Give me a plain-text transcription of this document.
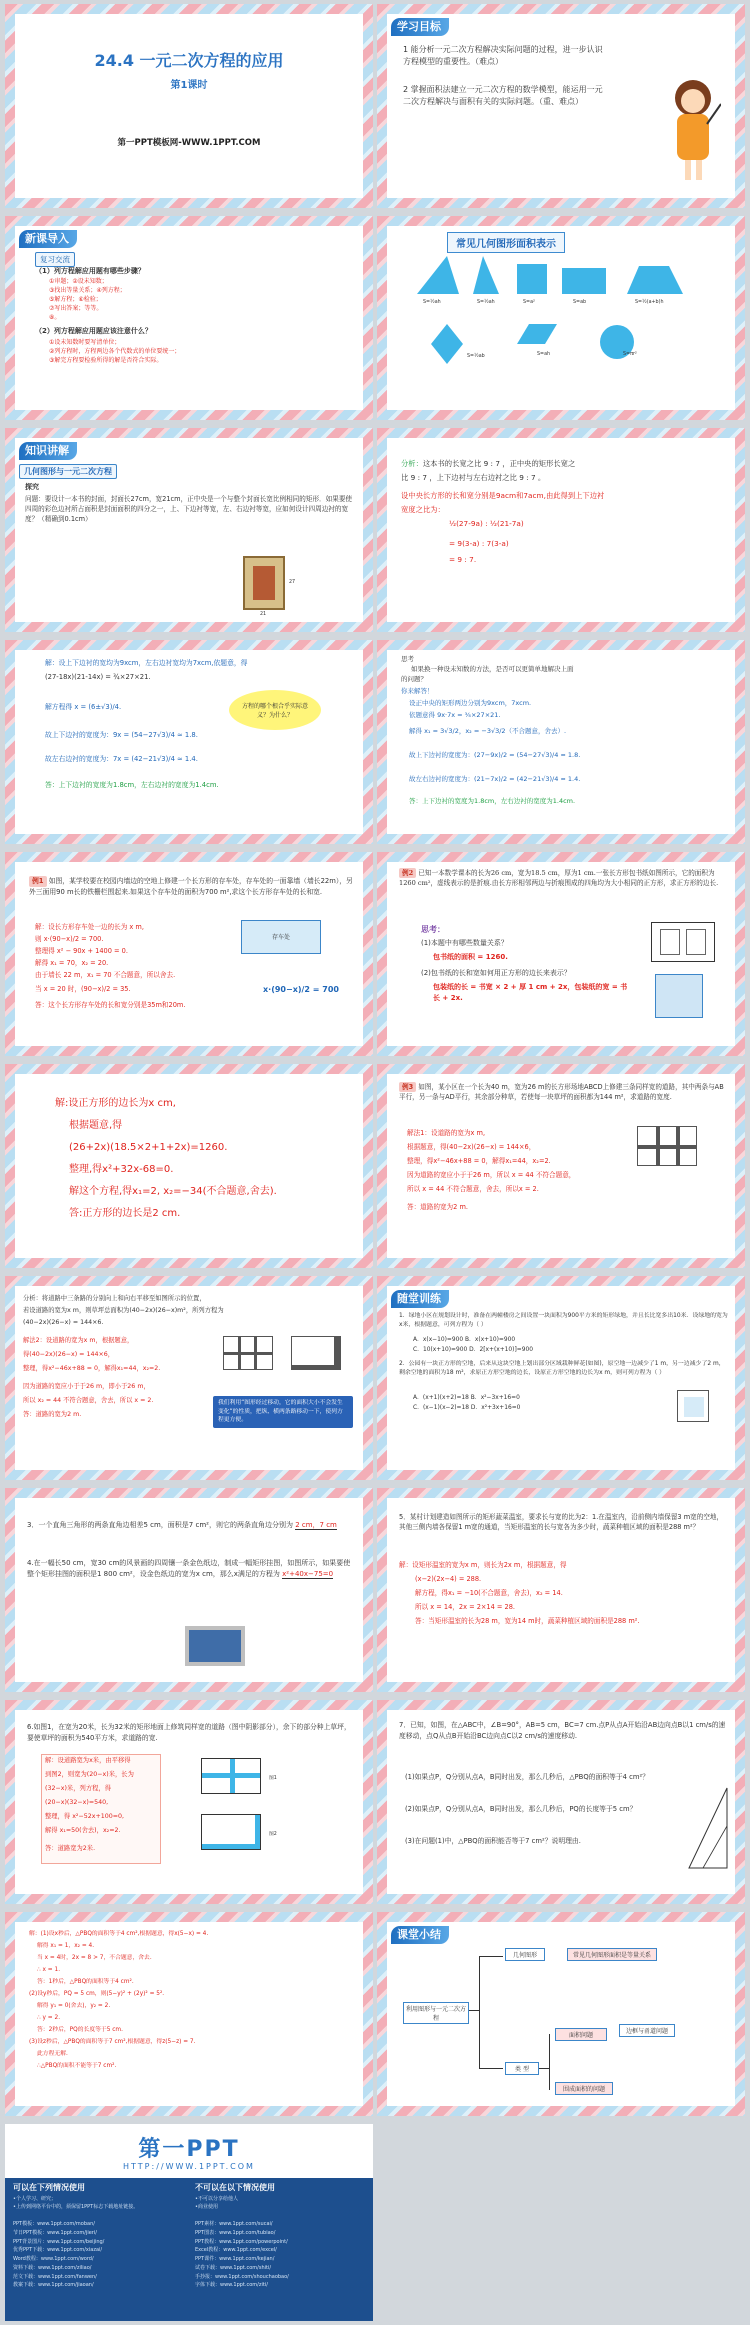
24.4 一元二次方程的应用
第1课时
第一PPT模板网-WWW.1PPT.COM
学习目标
1 能分析一元二次方程解决实际问题的过程，进一步认识方程模型的重要性。（难点）
2 掌握面积法建立一元二次方程的数学模型，能运用一元二次方程解决与面积有关的实际问题。（重、难点）
新课导入
复习交流
（1）列方程解应用题有哪些步骤？
①审题；②设未知数；
③找出等量关系；④列方程；
⑤解方程；⑥检验；
⑦写出答案；等等。
⑧。
（2）列方程解应用题应该注意什么？
①设未知数时要写清单位；
②列方程时，方程两边各个代数式的单位要统一；
③解完方程要检验所得的解是否符合实际。
常见几何图形面积表示
S=½ah	S=½ah	S=a²	S=ab	S=½(a+b)h
S=½ab	S=ah	S=πr²
知识讲解
几何图形与一元二次方程
探究
问题：要设计一本书的封面，封面长27cm，宽21cm，正中央是一个与整个封面长宽比例相同的矩形．如果要使四周的彩色边衬所占面积是封面面积的四分之一，上、下边衬等宽，左、右边衬等宽，应如何设计四周边衬的宽度？（精确到0.1cm）
21
27
分析：这本书的长宽之比 9 : 7 ，正中央的矩形长宽之
比 9 : 7 ，上下边衬与左右边衬之比 9 : 7 。
设中央长方形的长和宽分别是9acm和7acm,由此得到上下边衬
宽度之比为：
½(27-9a) : ½(21-7a)
= 9(3-a) : 7(3-a)
= 9 : 7.
解：设上下边衬的宽均为9xcm，左右边衬宽均为7xcm,依题意，得
(27-18x)(21-14x) = ¾×27×21.
解方程得 x = (6±√3)/4.
故上下边衬的宽度为：9x = (54−27√3)/4 ≈ 1.8.
故左右边衬的宽度为：7x = (42−21√3)/4 ≈ 1.4.
答：上下边衬的宽度为1.8cm，左右边衬的宽度为1.4cm.
方程的哪个根合乎实际意义？为什么？
思考
如果换一种设未知数的方法，是否可以更简单地解决上面
的问题？
你来解答！
设正中央的矩形两边分别为9xcm，7xcm.
依题意得 9x·7x = ¾×27×21.
解得 x₁ = 3√3/2，x₂ = −3√3/2（不合题意，舍去）.
故上下边衬的宽度为：(27−9x)/2 = (54−27√3)/4 ≈ 1.8.
故左右边衬的宽度为：(21−7x)/2 = (42−21√3)/4 ≈ 1.4.
答：上下边衬的宽度为1.8cm，左右边衬的宽度为1.4cm.
例1 如图，某学校要在校园内墙边的空地上修建一个长方形的存车处，存车处的一面靠墙（墙长22m），另外三面用90 m长的铁栅栏围起来.如果这个存车处的面积为700 m²,求这个长方形存车处的长和宽.
解：设长方形存车处一边的长为 x m,
则 x·(90−x)/2 = 700.
整理得 x² − 90x + 1400 = 0.
解得 x₁ = 70，x₂ = 20.
由于墙长 22 m，x₁ = 70 不合题意，所以舍去.
当 x = 20 时，(90−x)/2 = 35.
答：这个长方形存车处的长和宽分别是35m和20m.
存车处
x·(90−x)/2 = 700
例2 已知一本数学课本的长为26 cm，宽为18.5 cm，厚为1 cm.一张长方形包书纸如图所示，它的面积为1260 cm²，虚线表示的是折痕.由长方形相邻两边与折痕围成的四角均为大小相同的正方形，求正方形的边长.
思考：
(1)本题中有哪些数量关系？
包书纸的面积 = 1260.
(2)包书纸的长和宽如何用正方形的边长来表示？
包装纸的长 = 书宽 × 2 + 厚 1 cm + 2x，包装纸的宽 = 书长 + 2x.
解:设正方形的边长为x cm,
根据题意,得
(26+2x)(18.5×2+1+2x)=1260.
整理,得x²+32x-68=0.
解这个方程,得x₁=2, x₂=−34(不合题意,舍去).
答:正方形的边长是2 cm.
例3 如图，某小区在一个长为40 m，宽为26 m的长方形场地ABCD上修建三条同样宽的道路，其中两条与AB平行，另一条与AD平行，其余部分种草，若使每一块草坪的面积都为144 m²，求道路的宽度.
解法1：设道路的宽为x m,
根据题意，得(40−2x)(26−x) = 144×6，
整理，得x²−46x+88 = 0，解得x₁=44，x₂=2.
因为道路的宽应小于于26 m，所以 x = 44 不符合题意，
所以 x = 44 不符合题意，舍去，所以x = 2.
答：道路的宽为2 m.
分析：将道路中三条路的分别向上和向右平移至如图所示的位置，
若设道路的宽为x m，则草坪总面积为(40−2x)(26−x)m²，所列方程为
(40−2x)(26−x) = 144×6.
解法2：设道路的宽为x m，根据题意，
得(40−2x)(26−x) = 144×6，
整理，得x²−46x+88 = 0，解得x₁=44，x₂=2.
因为道路的宽应小于于26 m，即小于26 m，
所以 x₂ = 44 不符合题意，舍去，所以 x = 2.
答：道路的宽为2 m.
我们利用“图形经过移动，它的面积大小不会发生变化”的性质，把纵、横两条路移动一下，使列方程更方便。
随堂训练
1．绿地小区在规划设计时，准备在两幢楼房之间设置一块面积为900平方米的矩形绿地，并且长比宽多出10米．设绿地的宽为x米，根据题意，可列方程为（ ）
A．x(x−10)=900 B．x(x+10)=900
C．10(x+10)=900 D．2[x+(x+10)]=900
2．公园有一块正方形的空地，后来从这块空地上划出部分区域栽种鲜花(如图)，原空地一边减少了1 m，另一边减少了2 m，剩余空地的面积为18 m²，求原正方形空地的边长，设原正方形空地的边长为x m，则可列方程为（ ）
A．(x+1)(x+2)=18 B．x²−3x+16=0
C．(x−1)(x−2)=18 D．x²+3x+16=0
3．一个直角三角形的两条直角边相差5 cm，面积是7 cm²，则它的两条直角边分别为 2 cm，7 cm
4.在一幅长50 cm，宽30 cm的风景画的四周镶一条金色纸边，制成一幅矩形挂图，如图所示，如果要使整个矩形挂图的面积是1 800 cm²，设金色纸边的宽为x cm，那么x满足的方程为 x²+40x−75=0
5．某村计划建造如图所示的矩形蔬菜温室，要求长与宽的比为2：1.在温室内，沿前侧内墙保留3 m宽的空地，其他三侧内墙各保留1 m宽的通道，当矩形温室的长与宽各为多少时，蔬菜种植区域的面积是288 m²？
解：设矩形温室的宽为x m，则长为2x m，根据题意，得
(x−2)(2x−4) = 288.
解方程，得x₁ = −10(不合题意，舍去)，x₂ = 14.
所以 x = 14，2x = 2×14 = 28.
答：当矩形温室的长为28 m，宽为14 m时，蔬菜种植区域的面积是288 m².
6.如图1，在宽为20米，长为32米的矩形地面上修筑同样宽的道路（图中阴影部分），余下的部分种上草坪，要使草坪的面积为540平方米，求道路的宽.
解：设道路宽为x米，由平移得
到图2，则宽为(20−x)米，长为
(32−x)米，列方程，得
(20−x)(32−x)=540,
整理，得 x²−52x+100=0,
解得 x₁=50(舍去)，x₂=2.
答：道路宽为2米.
图1
图2
7．已知，如图，在△ABC中，∠B=90°，AB=5 cm，BC=7 cm.点P从点A开始沿AB边向点B以1 cm/s的速度移动，点Q从点B开始沿BC边向点C以2 cm/s的速度移动.
(1)如果点P，Q分别从点A，B同时出发，那么几秒后，△PBQ的面积等于4 cm²？
(2)如果点P，Q分别从点A，B同时出发，那么几秒后，PQ的长度等于5 cm？
(3)在问题(1)中，△PBQ的面积能否等于7 cm²？说明理由.
解：(1)设x秒后，△PBQ的面积等于4 cm²,根据题意，得x(5−x) = 4.
解得 x₁ = 1，x₂ = 4.
当 x = 4时，2x = 8 > 7，不合题意，舍去.
∴ x = 1.
答：1秒后，△PBQ的面积等于4 cm².
(2)设y秒后，PQ = 5 cm，则(5−y)² + (2y)² = 5².
解得 y₁ = 0(舍去)，y₂ = 2.
∴ y = 2.
答：2秒后，PQ的长度等于5 cm.
(3)设z秒后，△PBQ的面积等于7 cm²,根据题意，得z(5−z) = 7.
此方程无解.
∴△PBQ的面积不能等于7 cm².
课堂小结
利用图形与一元二次方程
几何图形	常见几何图形面积是等量关系
类 型
面积问题
边框与甬道问题
围成面积的问题
第一PPT
HTTP://WWW.1PPT.COM
可以在下列情况使用
•个人学习、研究；
•上传到网络平台中的，须保留1PPT标志下载地址链接。
不可以在以下情况使用
•不可以分享给他人
•商业使用
PPT模板：www.1ppt.com/moban/
节日PPT模板：www.1ppt.com/jieri/
PPT背景图片：www.1ppt.com/beijing/
优秀PPT下载：www.1ppt.com/xiazai/
Word教程：www.1ppt.com/word/
资料下载：www.1ppt.com/ziliao/
范文下载：www.1ppt.com/fanwen/
教案下载：www.1ppt.com/jiaoan/
PPT素材：www.1ppt.com/sucai/
PPT图表：www.1ppt.com/tubiao/
PPT教程：www.1ppt.com/powerpoint/
Excel教程：www.1ppt.com/excel/
PPT课件：www.1ppt.com/kejian/
试卷下载：www.1ppt.com/shiti/
手抄报：www.1ppt.com/shouchaobao/
字体下载：www.1ppt.com/ziti/
